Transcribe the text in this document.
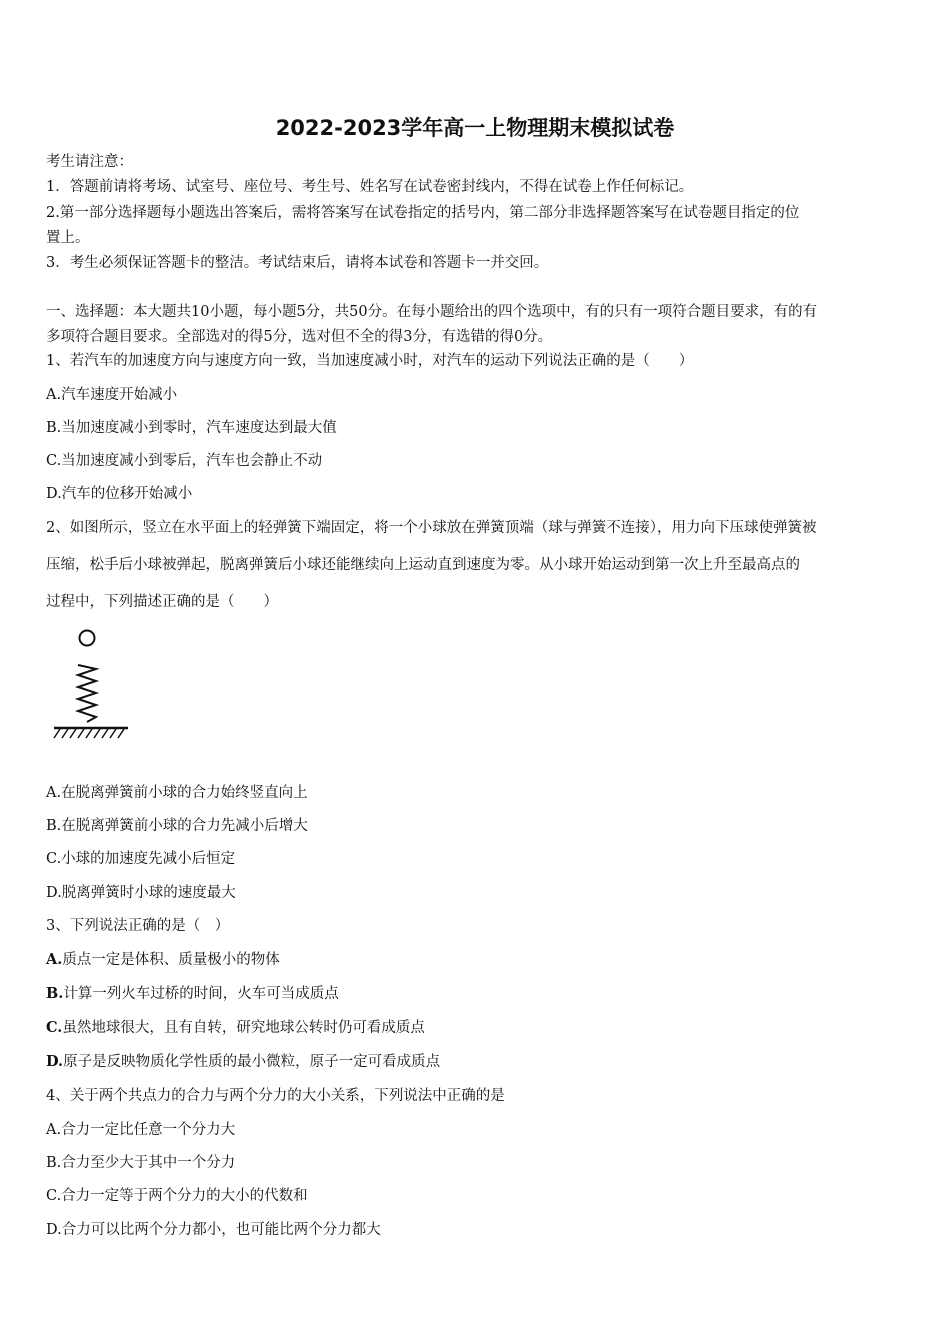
2022-2023学年高一上物理期末模拟试卷
考生请注意：
1．答题前请将考场、试室号、座位号、考生号、姓名写在试卷密封线内，不得在试卷上作任何标记。
2.第一部分选择题每小题选出答案后，需将答案写在试卷指定的括号内，第二部分非选择题答案写在试卷题目指定的位
置上。
3．考生必须保证答题卡的整洁。考试结束后，请将本试卷和答题卡一并交回。
一、选择题：本大题共10小题，每小题5分，共50分。在每小题给出的四个选项中，有的只有一项符合题目要求，有的有
多项符合题目要求。全部选对的得5分，选对但不全的得3分，有选错的得0分。
1、若汽车的加速度方向与速度方向一致，当加速度减小时，对汽车的运动下列说法正确的是（　　）
A.汽车速度开始减小
B.当加速度减小到零时，汽车速度达到最大值
C.当加速度减小到零后，汽车也会静止不动
D.汽车的位移开始减小
2、如图所示，竖立在水平面上的轻弹簧下端固定，将一个小球放在弹簧顶端（球与弹簧不连接），用力向下压球使弹簧被
压缩，松手后小球被弹起，脱离弹簧后小球还能继续向上运动直到速度为零。从小球开始运动到第一次上升至最高点的
过程中，下列描述正确的是（　　）
A.在脱离弹簧前小球的合力始终竖直向上
B.在脱离弹簧前小球的合力先减小后增大
C.小球的加速度先减小后恒定
D.脱离弹簧时小球的速度最大
3、下列说法正确的是（　）
A.质点一定是体积、质量极小的物体
B.计算一列火车过桥的时间，火车可当成质点
C.虽然地球很大，且有自转，研究地球公转时仍可看成质点
D.原子是反映物质化学性质的最小微粒，原子一定可看成质点
4、关于两个共点力的合力与两个分力的大小关系，下列说法中正确的是
A.合力一定比任意一个分力大
B.合力至少大于其中一个分力
C.合力一定等于两个分力的大小的代数和
D.合力可以比两个分力都小，也可能比两个分力都大
